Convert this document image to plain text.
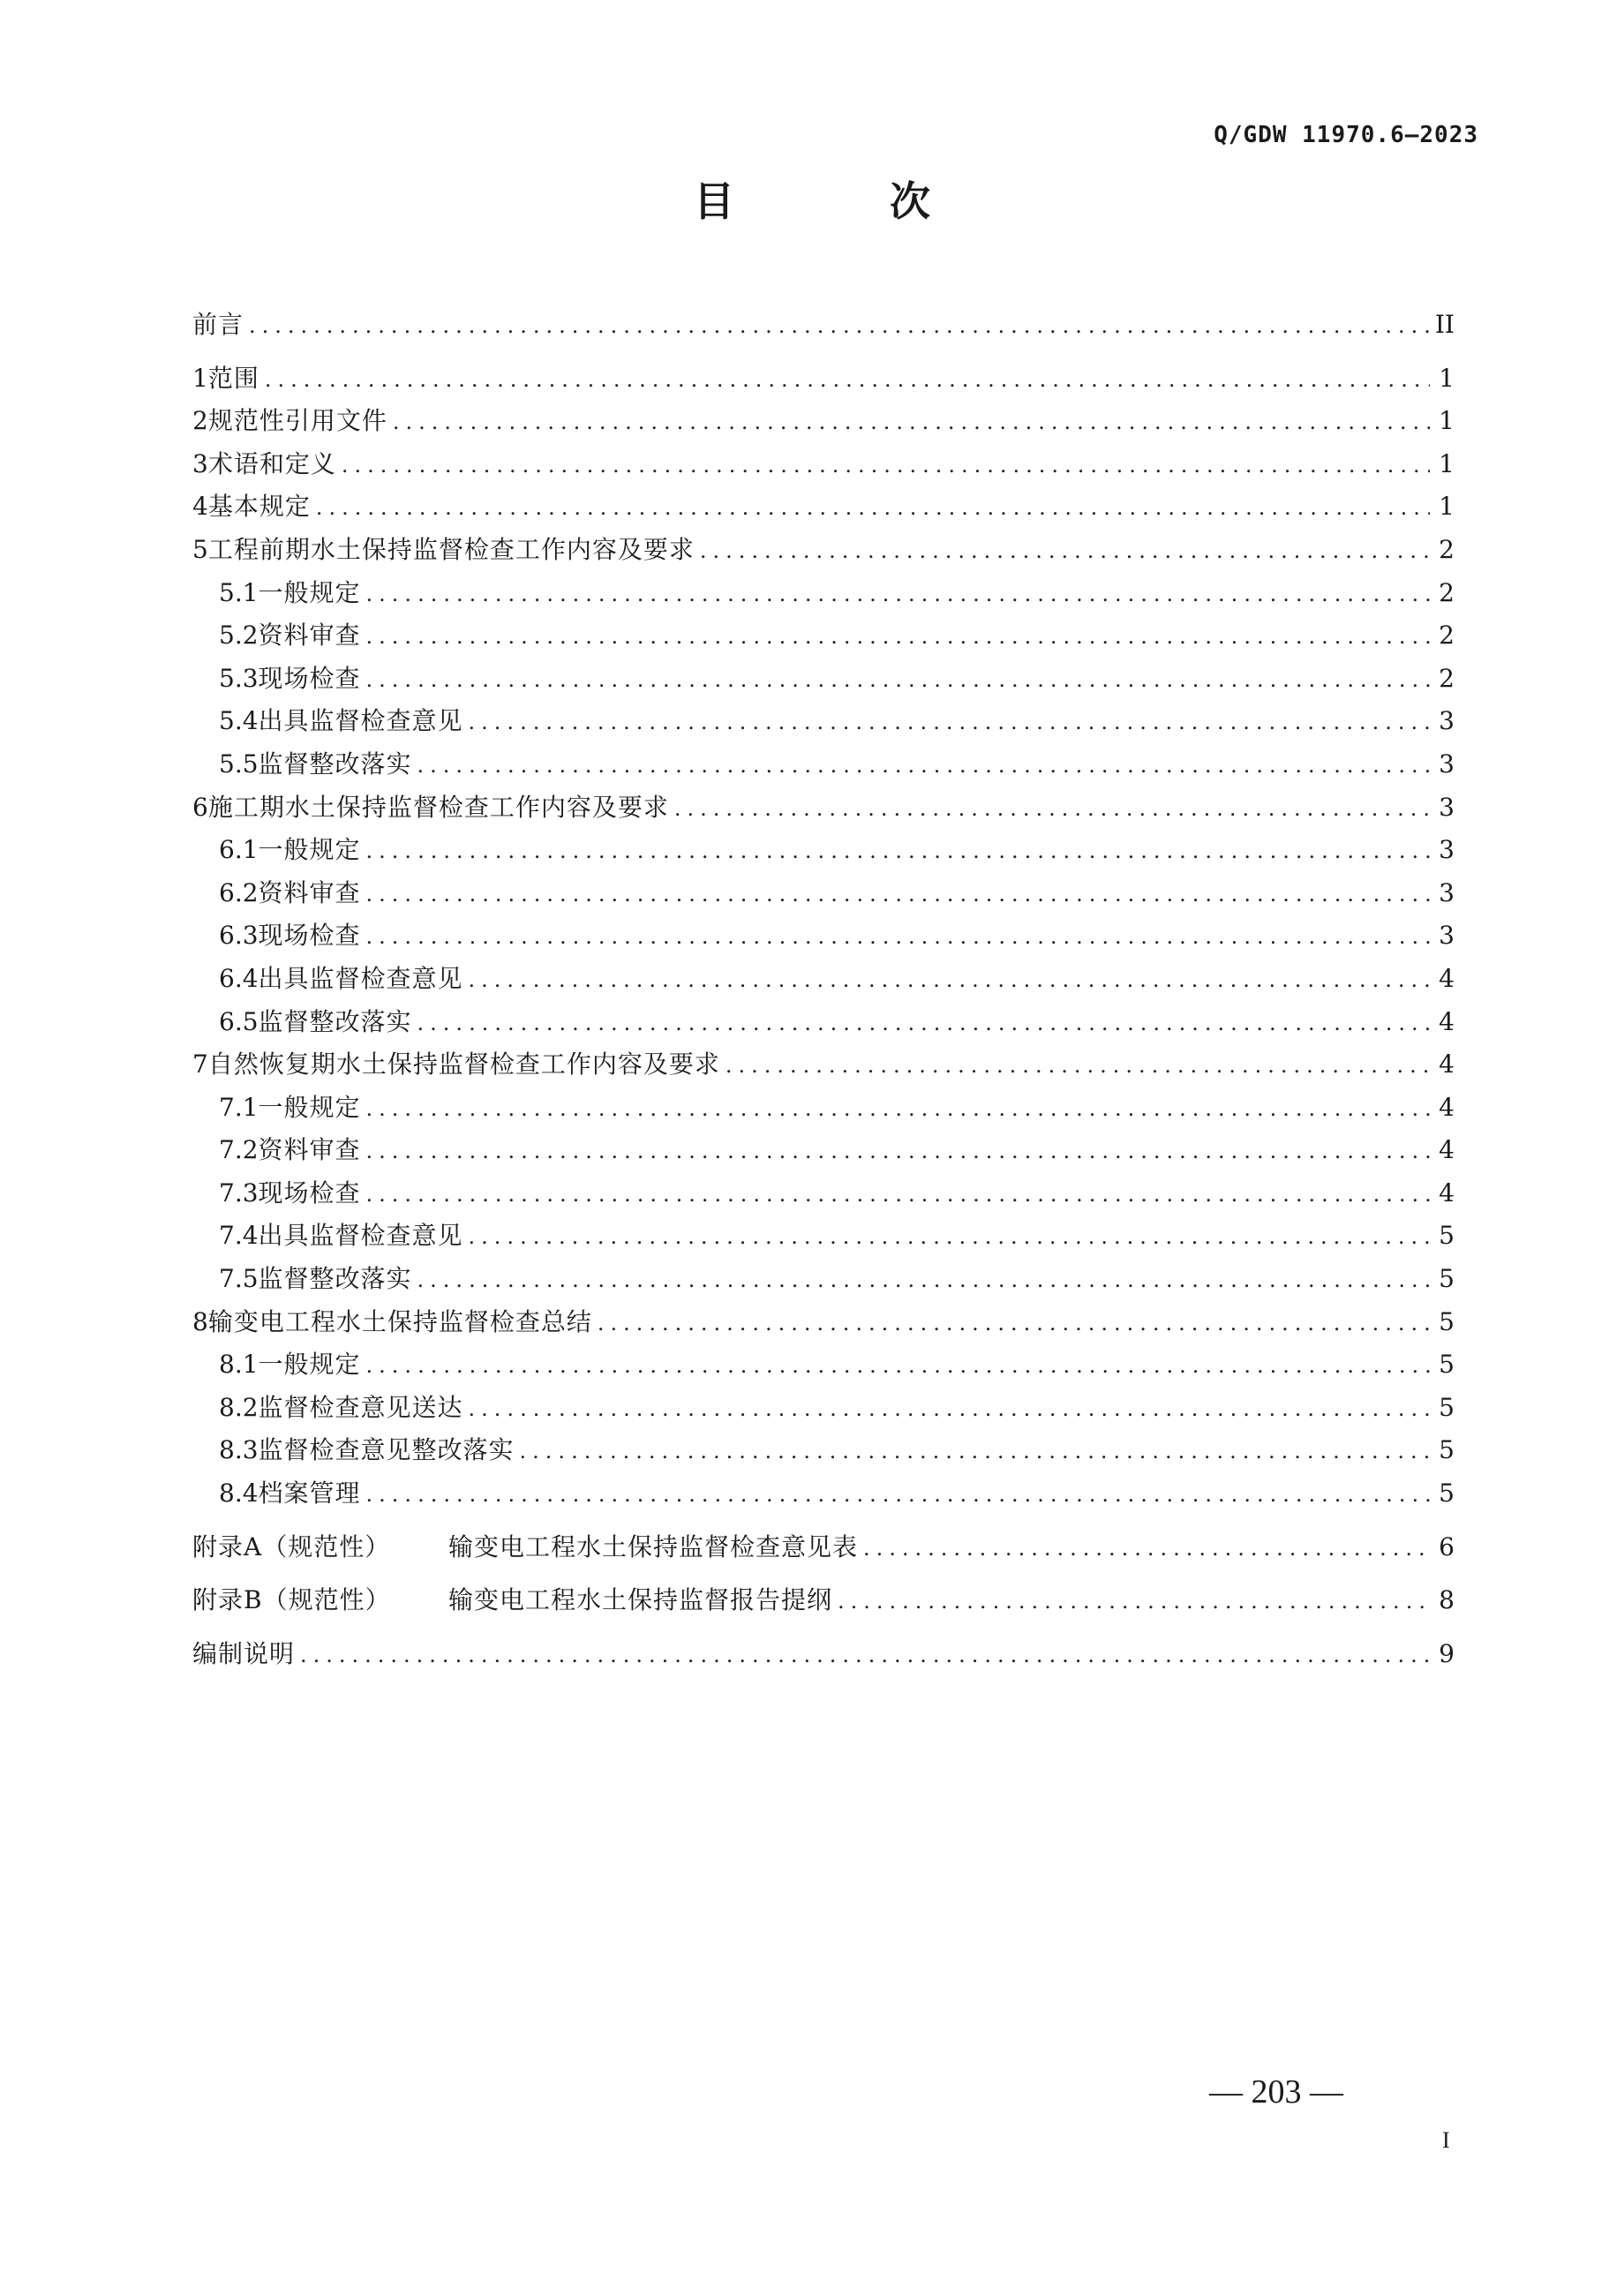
Q/GDW 11970.6—2023
目 次
前言 .....	II
1 范围 .....	1
2 规范性引用文件 .....	1
3 术语和定义 .....	1
4 基本规定 .....	1
5 工程前期水土保持监督检查工作内容及要求 .....	2
5.1 一般规定 .....	2
5.2 资料审查 .....	2
5.3 现场检查 .....	2
5.4 出具监督检查意见 .....	3
5.5 监督整改落实 .....	3
6 施工期水土保持监督检查工作内容及要求 .....	3
6.1 一般规定 .....	3
6.2 资料审查 .....	3
6.3 现场检查 .....	3
6.4 出具监督检查意见 .....	4
6.5 监督整改落实 .....	4
7 自然恢复期水土保持监督检查工作内容及要求 .....	4
7.1 一般规定 .....	4
7.2 资料审查 .....	4
7.3 现场检查 .....	4
7.4 出具监督检查意见 .....	5
7.5 监督整改落实 .....	5
8 输变电工程水土保持监督检查总结 .....	5
8.1 一般规定 .....	5
8.2 监督检查意见送达 .....	5
8.3 监督检查意见整改落实 .....	5
8.4 档案管理 .....	5
附录A（规范性）	输变电工程水土保持监督检查意见表 .....	6
附录B（规范性）	输变电工程水土保持监督报告提纲 .....	8
编制说明 .....	9
— 203 —
I
